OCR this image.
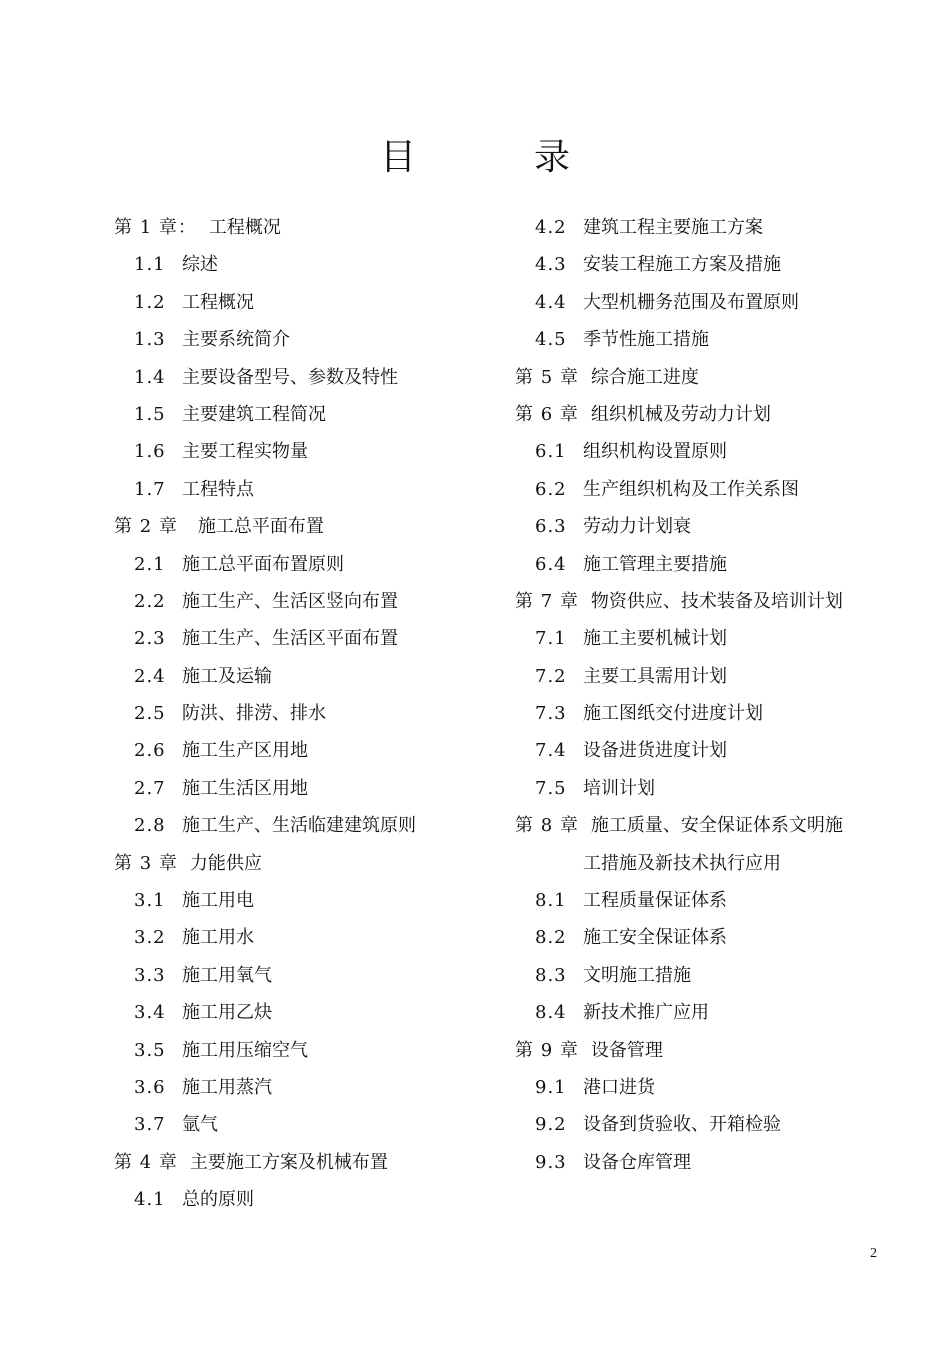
目	录
第 1 章： 工程概况
1.1 综述
1.2 工程概况
1.3 主要系统简介
1.4 主要设备型号、参数及特性
1.5 主要建筑工程简况
1.6 主要工程实物量
1.7 工程特点
第 2 章	施工总平面布置
2.1 施工总平面布置原则
2.2 施工生产、生活区竖向布置
2.3 施工生产、生活区平面布置
2.4 施工及运输
2.5 防洪、排涝、排水
2.6 施工生产区用地
2.7 施工生活区用地
2.8 施工生产、生活临建建筑原则
第 3 章 力能供应
3.1 施工用电
3.2 施工用水
3.3 施工用氧气
3.4 施工用乙炔
3.5 施工用压缩空气
3.6 施工用蒸汽
3.7 氩气
第 4 章 主要施工方案及机械布置
4.1 总的原则
4.2 建筑工程主要施工方案
4.3 安装工程施工方案及措施
4.4 大型机栅务范围及布置原则
4.5 季节性施工措施
第 5 章 综合施工进度
第 6 章 组织机械及劳动力计划
6.1 组织机构设置原则
6.2 生产组织机构及工作关系图
6.3 劳动力计划衰
6.4 施工管理主要措施
第 7 章 物资供应、技术装备及培训计划
7.1 施工主要机械计划
7.2 主要工具需用计划
7.3 施工图纸交付进度计划
7.4 设备进货进度计划
7.5 培训计划
第 8 章 施工质量、安全保证体系文明施
工措施及新技术执行应用
8.1 工程质量保证体系
8.2 施工安全保证体系
8.3 文明施工措施
8.4 新技术推广应用
第 9 章 设备管理
9.1 港口进货
9.2 设备到货验收、开箱检验
9.3 设备仓库管理
2
